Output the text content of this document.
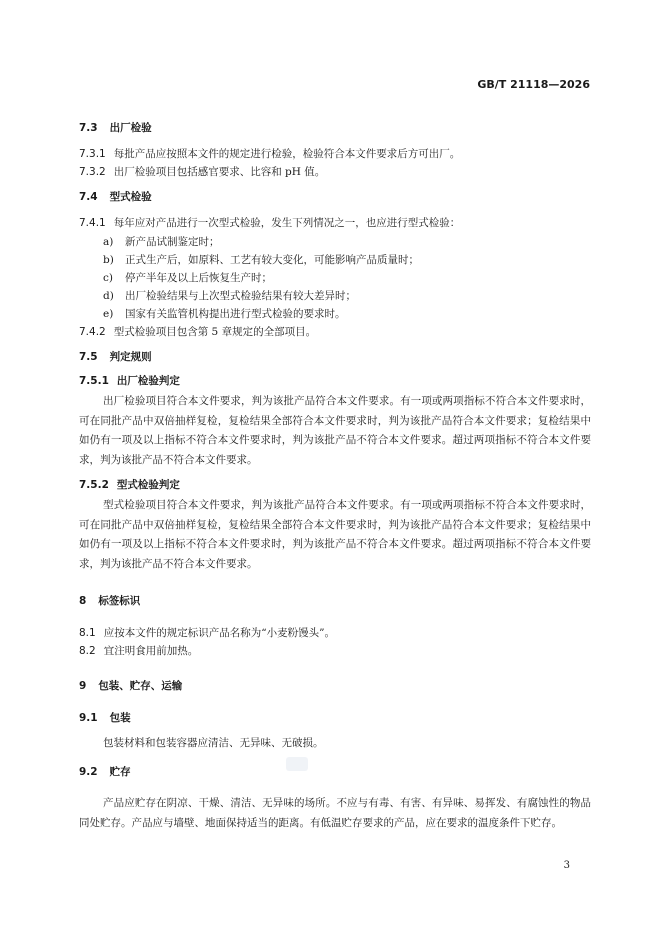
GB/T 21118—2026
7.3 出厂检验
7.3.1 每批产品应按照本文件的规定进行检验，检验符合本文件要求后方可出厂。
7.3.2 出厂检验项目包括感官要求、比容和 pH 值。
7.4 型式检验
7.4.1 每年应对产品进行一次型式检验，发生下列情况之一，也应进行型式检验：
a) 新产品试制鉴定时；
b) 正式生产后，如原料、工艺有较大变化，可能影响产品质量时；
c) 停产半年及以上后恢复生产时；
d) 出厂检验结果与上次型式检验结果有较大差异时；
e) 国家有关监管机构提出进行型式检验的要求时。
7.4.2 型式检验项目包含第 5 章规定的全部项目。
7.5 判定规则
7.5.1 出厂检验判定
出厂检验项目符合本文件要求，判为该批产品符合本文件要求。有一项或两项指标不符合本文件要求时，可在同批产品中双倍抽样复检，复检结果全部符合本文件要求时，判为该批产品符合本文件要求；复检结果中如仍有一项及以上指标不符合本文件要求时，判为该批产品不符合本文件要求。超过两项指标不符合本文件要求，判为该批产品不符合本文件要求。
7.5.2 型式检验判定
型式检验项目符合本文件要求，判为该批产品符合本文件要求。有一项或两项指标不符合本文件要求时，可在同批产品中双倍抽样复检，复检结果全部符合本文件要求时，判为该批产品符合本文件要求；复检结果中如仍有一项及以上指标不符合本文件要求时，判为该批产品不符合本文件要求。超过两项指标不符合本文件要求，判为该批产品不符合本文件要求。
8 标签标识
8.1 应按本文件的规定标识产品名称为“小麦粉馒头”。
8.2 宜注明食用前加热。
9 包装、贮存、运输
9.1 包装
包装材料和包装容器应清洁、无异味、无破损。
9.2 贮存
产品应贮存在阴凉、干燥、清洁、无异味的场所。不应与有毒、有害、有异味、易挥发、有腐蚀性的物品同处贮存。产品应与墙壁、地面保持适当的距离。有低温贮存要求的产品，应在要求的温度条件下贮存。
3
